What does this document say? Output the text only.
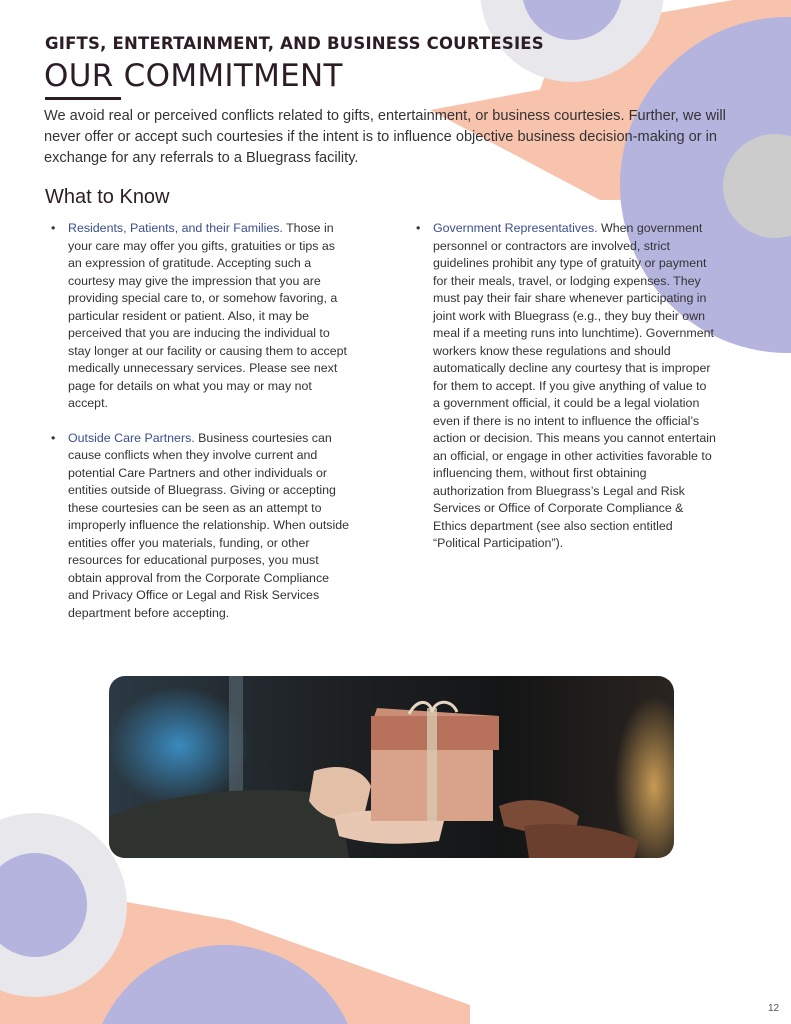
GIFTS, ENTERTAINMENT, AND BUSINESS COURTESIES
OUR COMMITMENT

We avoid real or perceived conflicts related to gifts, entertainment, or business courtesies. Further, we will never offer or accept such courtesies if the intent is to influence objective business decision-making or in exchange for any referrals to a Bluegrass facility.

What to Know
•	Residents, Patients, and their Families. Those in your care may offer you gifts, gratuities or tips as an expression of gratitude. Accepting such a courtesy may give the impression that you are providing special care to, or somehow favoring, a particular resident or patient. Also, it may be perceived that you are inducing the individual to stay longer at our facility or causing them to accept medically unnecessary services. Please see next page for details on what you may or may not accept.
•	Outside Care Partners. Business courtesies can cause conflicts when they involve current and potential Care Partners and other individuals or entities outside of Bluegrass. Giving or accepting these courtesies can be seen as an attempt to improperly influence the relationship. When outside entities offer you materials, funding, or other resources for educational purposes, you must obtain approval from the Corporate Compliance and Privacy Office or Legal and Risk Services department before accepting.
•	Government Representatives. When government personnel or contractors are involved, strict guidelines prohibit any type of gratuity or payment for their meals, travel, or lodging expenses. They must pay their fair share whenever participating in joint work with Bluegrass (e.g., they buy their own meal if a meeting runs into lunchtime). Government workers know these regulations and should automatically decline any courtesy that is improper for them to accept. If you give anything of value to a government official, it could be a legal violation even if there is no intent to influence the official’s action or decision. This means you cannot entertain an official, or engage in other activities favorable to influencing them, without first obtaining authorization from Bluegrass’s Legal and Risk Services or Office of Corporate Compliance & Ethics department (see also section entitled “Political Participation”).

12
